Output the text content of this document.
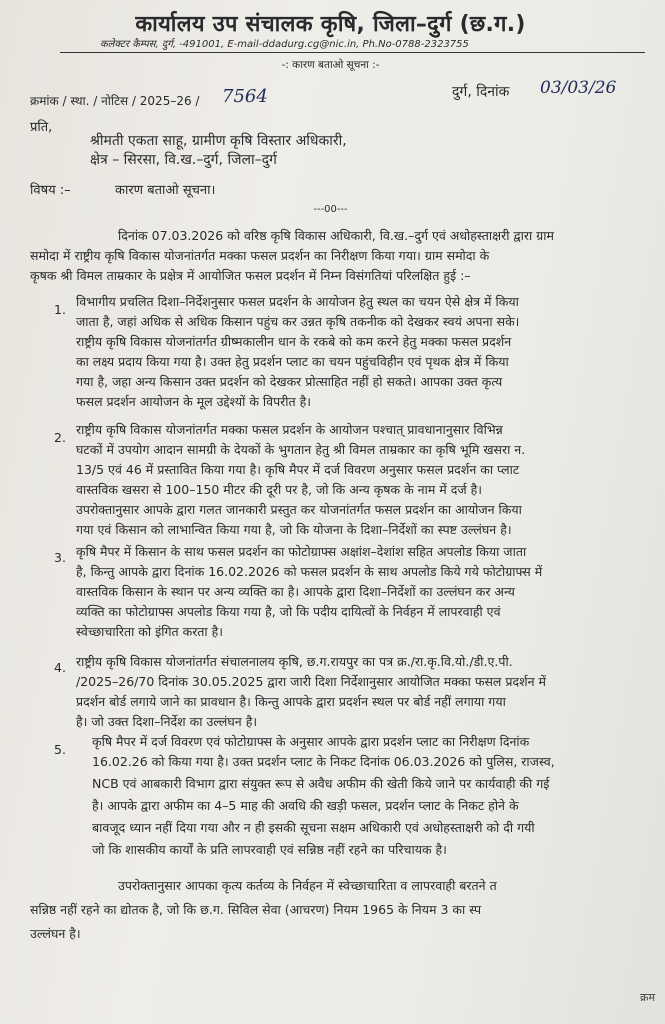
कार्यालय उप संचालक कृषि, जिला–दुर्ग (छ.ग.)
कलेक्टर कैम्पस, दुर्ग, -491001, E-mail-ddadurg.cg@nic.in, Ph.No-0788-2323755
-: कारण बताओ सूचना :-
क्रमांक / स्था. / नोटिस / 2025–26 / 7564	दुर्ग, दिनांक 03/03/26
प्रति,
श्रीमती एकता साहू, ग्रामीण कृषि विस्तार अधिकारी,
क्षेत्र – सिरसा, वि.ख.–दुर्ग, जिला–दुर्ग
विषय :–	कारण बताओ सूचना।
---00---
दिनांक 07.03.2026 को वरिष्ठ कृषि विकास अधिकारी, वि.ख.–दुर्ग एवं अधोहस्ताक्षरी द्वारा ग्राम
समोदा में राष्ट्रीय कृषि विकास योजनांतर्गत मक्का फसल प्रदर्शन का निरीक्षण किया गया। ग्राम समोदा के
कृषक श्री विमल ताम्रकार के प्रक्षेत्र में आयोजित फसल प्रदर्शन में निम्न विसंगतियां परिलक्षित हुई :–
1.
विभागीय प्रचलित दिशा–निर्देशनुसार फसल प्रदर्शन के आयोजन हेतु स्थल का चयन ऐसे क्षेत्र में किया
जाता है, जहां अधिक से अधिक किसान पहुंच कर उन्नत कृषि तकनीक को देखकर स्वयं अपना सके।
राष्ट्रीय कृषि विकास योजनांतर्गत ग्रीष्मकालीन धान के रकबे को कम करने हेतु मक्का फसल प्रदर्शन
का लक्ष्य प्रदाय किया गया है। उक्त हेतु प्रदर्शन प्लाट का चयन पहुंचविहीन एवं पृथक क्षेत्र में किया
गया है, जहा अन्य किसान उक्त प्रदर्शन को देखकर प्रोत्साहित नहीं हो सकते। आपका उक्त कृत्य
फसल प्रदर्शन आयोजन के मूल उद्देश्यों के विपरीत है।
2.
राष्ट्रीय कृषि विकास योजनांतर्गत मक्का फसल प्रदर्शन के आयोजन पश्चात् प्रावधानानुसार विभिन्न
घटकों में उपयोग आदान सामग्री के देयकों के भुगतान हेतु श्री विमल ताम्रकार का कृषि भूमि खसरा न.
13/5 एवं 46 में प्रस्तावित किया गया है। कृषि मैपर में दर्ज विवरण अनुसार फसल प्रदर्शन का प्लाट
वास्तविक खसरा से 100–150 मीटर की दूरी पर है, जो कि अन्य कृषक के नाम में दर्ज है।
उपरोक्तानुसार आपके द्वारा गलत जानकारी प्रस्तुत कर योजनांतर्गत फसल प्रदर्शन का आयोजन किया
गया एवं किसान को लाभान्वित किया गया है, जो कि योजना के दिशा–निर्देशों का स्पष्ट उल्लंघन है।
3. कृषि मैपर में किसान के साथ फसल प्रदर्शन का फोटोग्राफ्स अक्षांश–देशांश सहित अपलोड किया जाता
है, किन्तु आपके द्वारा दिनांक 16.02.2026 को फसल प्रदर्शन के साथ अपलोड किये गये फोटोग्राफ्स में
वास्तविक किसान के स्थान पर अन्य व्यक्ति का है। आपके द्वारा दिशा–निर्देशों का उल्लंघन कर अन्य
व्यक्ति का फोटोग्राफ्स अपलोड किया गया है, जो कि पदीय दायित्वों के निर्वहन में लापरवाही एवं
स्वेच्छाचारिता को इंगित करता है।
4. राष्ट्रीय कृषि विकास योजनांतर्गत संचालनालय कृषि, छ.ग.रायपुर का पत्र क्र./रा.कृ.वि.यो./डी.ए.पी.
/2025–26/70 दिनांक 30.05.2025 द्वारा जारी दिशा निर्देशानुसार आयोजित मक्का फसल प्रदर्शन में
प्रदर्शन बोर्ड लगाये जाने का प्रावधान है। किन्तु आपके द्वारा प्रदर्शन स्थल पर बोर्ड नहीं लगाया गया
है। जो उक्त दिशा–निर्देश का उल्लंघन है।
5.
कृषि मैपर में दर्ज विवरण एवं फोटोग्राफ्स के अनुसार आपके द्वारा प्रदर्शन प्लाट का निरीक्षण दिनांक
16.02.26 को किया गया है। उक्त प्रदर्शन प्लाट के निकट दिनांक 06.03.2026 को पुलिस, राजस्व,
NCB एवं आबकारी विभाग द्वारा संयुक्त रूप से अवैध अफीम की खेती किये जाने पर कार्यवाही की गई
है। आपके द्वारा अफीम का 4–5 माह की अवधि की खड़ी फसल, प्रदर्शन प्लाट के निकट होने के
बावजूद ध्यान नहीं दिया गया और न ही इसकी सूचना सक्षम अधिकारी एवं अधोहस्ताक्षरी को दी गयी
जो कि शासकीय कार्यों के प्रति लापरवाही एवं सन्निष्ठ नहीं रहने का परिचायक है।
उपरोक्तानुसार आपका कृत्य कर्तव्य के निर्वहन में स्वेच्छाचारिता व लापरवाही बरतने त
सन्निष्ठ नहीं रहने का द्योतक है, जो कि छ.ग. सिविल सेवा (आचरण) नियम 1965 के नियम 3 का स्प
उल्लंघन है।
क्रम
